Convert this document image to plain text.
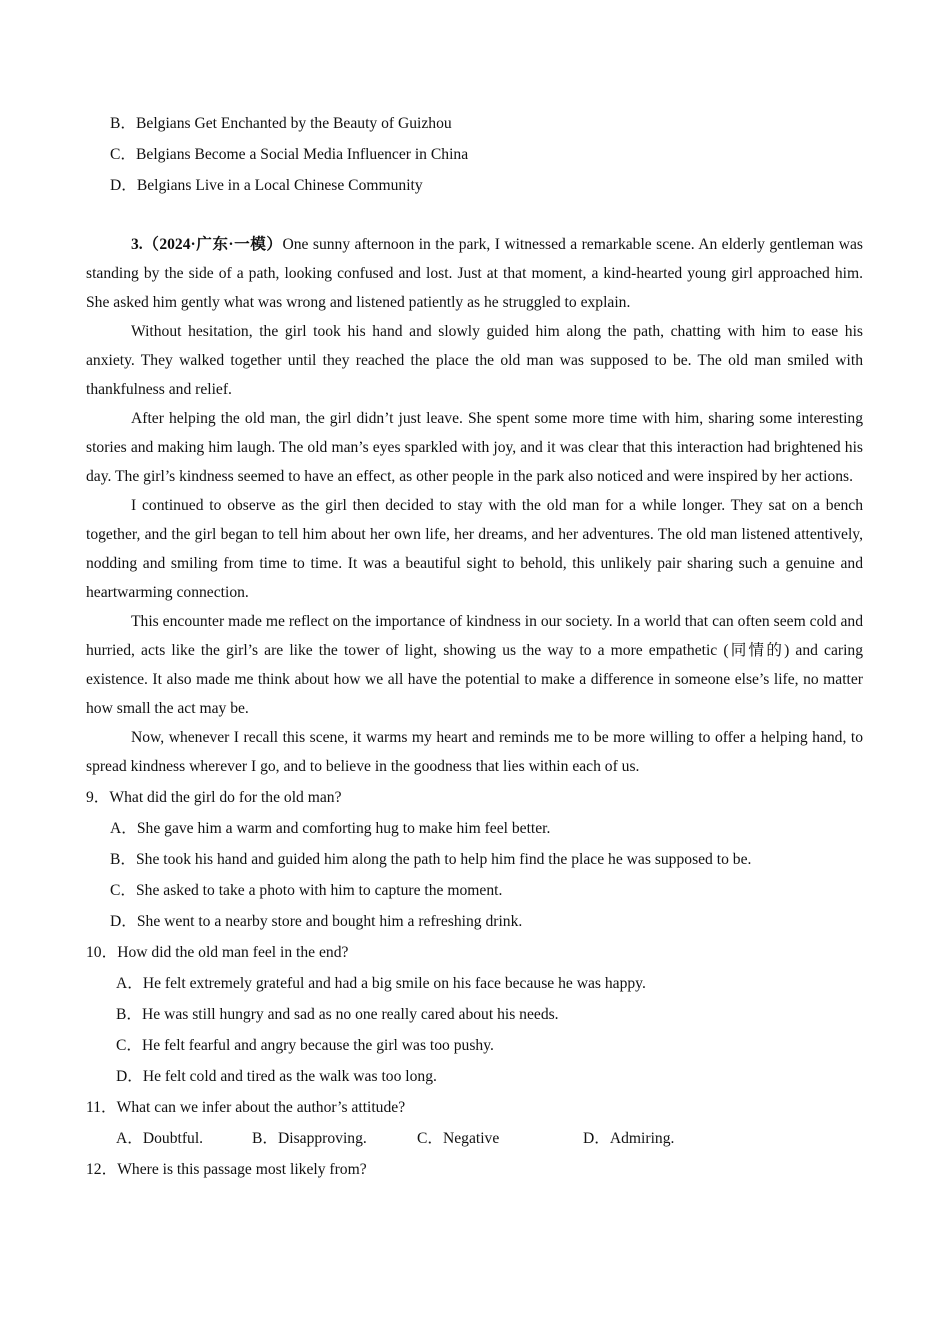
B．Belgians Get Enchanted by the Beauty of Guizhou
C．Belgians Become a Social Media Influencer in China
D．Belgians Live in a Local Chinese Community

3.（2024·广东·一模）One sunny afternoon in the park, I witnessed a remarkable scene. An elderly gentleman was standing by the side of a path, looking confused and lost. Just at that moment, a kind-hearted young girl approached him. She asked him gently what was wrong and listened patiently as he struggled to explain.

Without hesitation, the girl took his hand and slowly guided him along the path, chatting with him to ease his anxiety. They walked together until they reached the place the old man was supposed to be. The old man smiled with thankfulness and relief.

After helping the old man, the girl didn’t just leave. She spent some more time with him, sharing some interesting stories and making him laugh. The old man’s eyes sparkled with joy, and it was clear that this interaction had brightened his day. The girl’s kindness seemed to have an effect, as other people in the park also noticed and were inspired by her actions.

I continued to observe as the girl then decided to stay with the old man for a while longer. They sat on a bench together, and the girl began to tell him about her own life, her dreams, and her adventures. The old man listened attentively, nodding and smiling from time to time. It was a beautiful sight to behold, this unlikely pair sharing such a genuine and heartwarming connection.

This encounter made me reflect on the importance of kindness in our society. In a world that can often seem cold and hurried, acts like the girl’s are like the tower of light, showing us the way to a more empathetic (同情的) and caring existence. It also made me think about how we all have the potential to make a difference in someone else’s life, no matter how small the act may be.

Now, whenever I recall this scene, it warms my heart and reminds me to be more willing to offer a helping hand, to spread kindness wherever I go, and to believe in the goodness that lies within each of us.

9．What did the girl do for the old man?
A．She gave him a warm and comforting hug to make him feel better.
B．She took his hand and guided him along the path to help him find the place he was supposed to be.
C．She asked to take a photo with him to capture the moment.
D．She went to a nearby store and bought him a refreshing drink.
10．How did the old man feel in the end?
A．He felt extremely grateful and had a big smile on his face because he was happy.
B．He was still hungry and sad as no one really cared about his needs.
C．He felt fearful and angry because the girl was too pushy.
D．He felt cold and tired as the walk was too long.
11．What can we infer about the author’s attitude?
A．Doubtful.	B．Disapproving.	C．Negative	D．Admiring.
12．Where is this passage most likely from?
